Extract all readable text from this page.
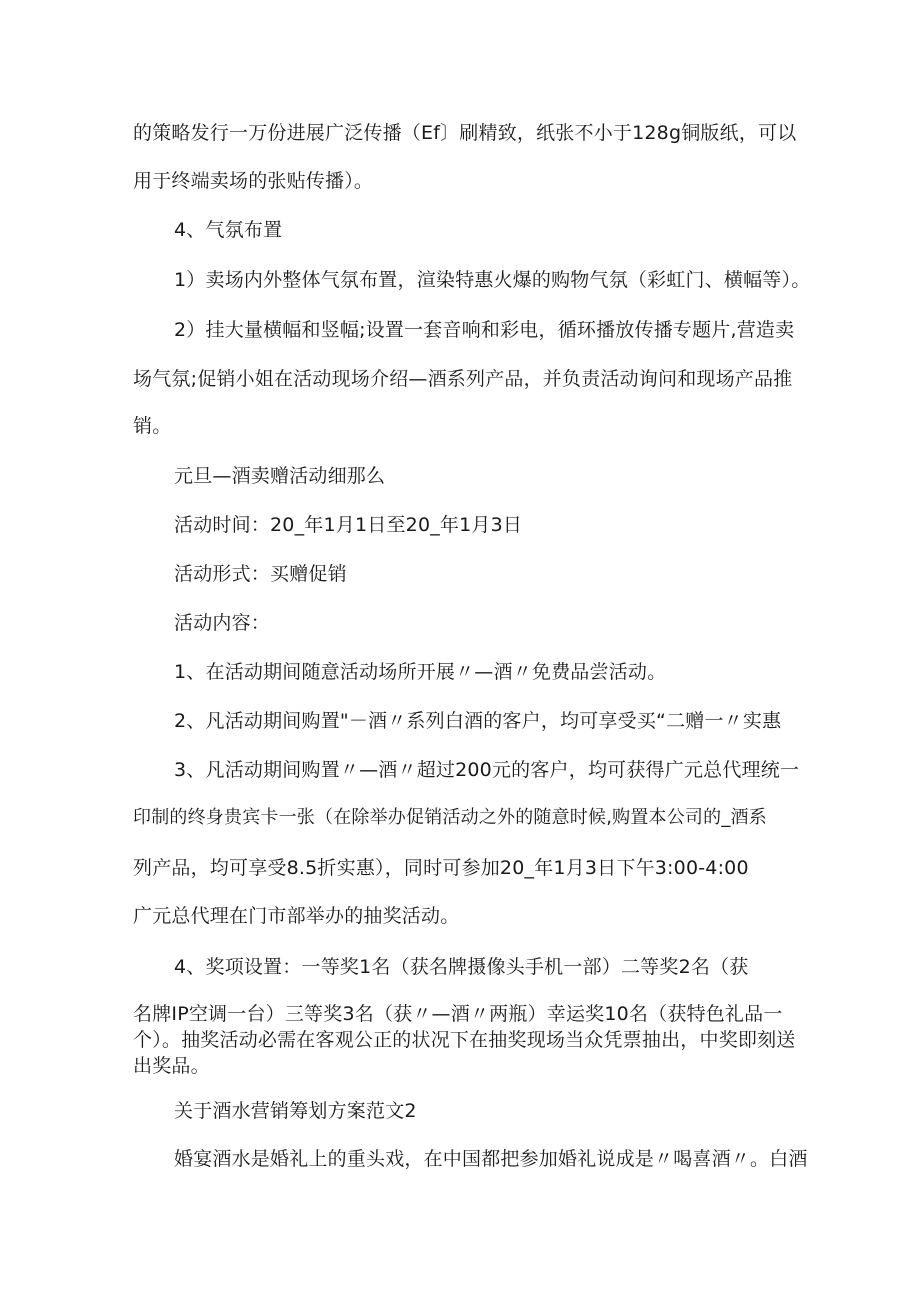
的策略发行一万份进展广泛传播（Ef〕刷精致，纸张不小于128g铜版纸，可以
用于终端卖场的张贴传播）。
4、气氛布置
1）卖场内外整体气氛布置，渲染特惠火爆的购物气氛（彩虹门、横幅等）。
2）挂大量横幅和竖幅;设置一套音响和彩电，循环播放传播专题片,营造卖
场气氛;促销小姐在活动现场介绍—酒系列产品，并负责活动询问和现场产品推
销。
元旦—酒卖赠活动细那么
活动时间：20_年1月1日至20_年1月3日
活动形式：买赠促销
活动内容：
1、在活动期间随意活动场所开展〃—酒〃免费品尝活动。
2、凡活动期间购置"－酒〃系列白酒的客户，均可享受买“二赠一〃实惠
3、凡活动期间购置〃—酒〃超过200元的客户，均可获得广元总代理统一
印制的终身贵宾卡一张（在除举办促销活动之外的随意时候,购置本公司的_酒系
列产品，均可享受8.5折实惠），同时可参加20_年1月3日下午3:00-4:00
广元总代理在门市部举办的抽奖活动。
4、奖项设置：一等奖1名（获名牌摄像头手机一部）二等奖2名（获
名牌IP空调一台）三等奖3名（获〃—酒〃两瓶）幸运奖10名（获特色礼品一
个）。抽奖活动必需在客观公正的状况下在抽奖现场当众凭票抽出，中奖即刻送
出奖品。
关于酒水营销筹划方案范文2
婚宴酒水是婚礼上的重头戏，在中国都把参加婚礼说成是〃喝喜酒〃。白酒
